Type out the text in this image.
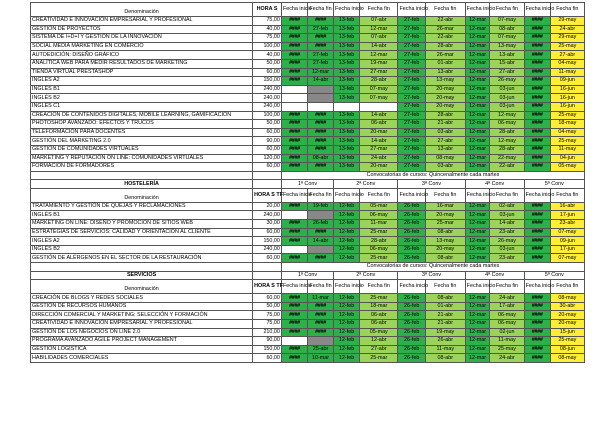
Denominación	HORA S	Fecha inicio	Fecha fin	Fecha inicio	Fecha fin	Fecha inicio	Fecha fin	Fecha inicio	Fecha fin	Fecha inicio	Fecha fin
CREATIVIDAD E INNOVACIÓN EMPRESARIAL Y PROFESIONAL	75,00	####	####	13-feb	07-abr	27-feb	22-abr	12-mar	07-may	####	29-may
GESTIÓN DE PROYECTOS	40,00	####	27-feb	13-feb	12-mar	27-feb	26-mar	12-mar	08-abr	####	24-abr
SISTEMA DE I+D+I Y GESTIÓN DE LA INNOVACIÓN	75,00	####	####	13-feb	07-abr	27-feb	22-abr	12-mar	07-may	####	29-may
SOCIAL MEDIA MARKETING EN COMERCIO	100,00	####	####	13-feb	14-abr	27-feb	28-abr	12-mar	13-may	####	25-may
AUTOEDICIÓN: DISEÑO GRÁFICO	40,00	####	27-feb	13-feb	12-mar	27-feb	26-mar	12-mar	13-abr	####	27-abr
ANALÍTICA WEB PARA MEDIR RESULTADOS DE MARKETING	50,00	####	27-feb	13-feb	19-mar	27-feb	01-abr	12-mar	15-abr	####	04-may
TIENDA VIRTUAL PRESTASHOP	60,00	####	12-mar	13-feb	27-mar	27-feb	13-abr	12-mar	27-abr	####	11-may
INGLÉS A2	150,00	####	14-abr	13-feb	28-abr	27-feb	13-may	12-mar	26-may	####	09-jun
INGLÉS B1	240,00			13-feb	07-may	27-feb	20-may	12-mar	03-jun	####	16-jun
INGLÉS B2	240,00			13-feb	07-may	27-feb	20-may	12-mar	03-jun	####	16-jun
INGLÉS C1	240,00					27-feb	20-may	12-mar	03-jun	####	16-jun
CREACIÓN DE CONTENIDOS DIGITALES, MOBILE LEARNING, GAMIFICACIÓN	100,00	####	####	13-feb	14-abr	27-feb	28-abr	12-mar	12-may	####	25-may
PHOTOSHOP AVANZADO: EFECTOS Y TRUCOS	50,00	####	####	13-feb	06-abr	27-feb	21-abr	12-mar	06-may	####	18-may
TELEFORMACIÓN PARA DOCENTES	60,00	####	####	13-feb	20-mar	27-feb	03-abr	12-mar	28-abr	####	04-may
GESTIÓN DEL MARKETING 2.0	90,00	####	####	13-feb	14-abr	27-feb	27-abr	12-mar	12-may	####	25-may
GESTIÓN DE COMUNIDADES VIRTUALES	60,00	####	####	13-feb	27-mar	27-feb	13-abr	12-mar	28-abr	####	11-may
MARKETING Y REPUTACIÓN ON LINE: COMUNIDADES VIRTUALES	120,00	####	08-abr	13-feb	24-abr	27-feb	08-may	12-mar	22-may	####	04-jun
FORMACIÓN DE FORMADORES	60,00	####	####	13-feb	20-mar	27-feb	03-abr	12-mar	22-abr	####	05-may
		Convocatorias de cursos: Quincenalmente cada martes									
HOSTELERÍA		1ª Conv		2ª Conv		3ª Conv		4ª Conv		5ª Conv	
Denominación	HORA S TF	Fecha inicio	Fecha fin	Fecha inicio	Fecha fin	Fecha inicio	Fecha fin	Fecha inicio	Fecha fin	Fecha inicio	Fecha fin
TRATAMIENTO Y GESTIÓN DE QUEJAS Y RECLAMACIONES	20,00	####	19-feb	12-feb	05-mar	26-feb	16-mar	12-mar	02-abr	####	16-abr
INGLÉS B1	240,00			12-feb	06-may	26-feb	20-may	12-mar	03-jun	####	17-jun
MARKETING ON LINE: DISEÑO Y PROMOCIÓN DE SITIOS WEB	30,00	####	26-feb	12-feb	11-mar	26-feb	25-mar	12-mar	14-abr	####	23-abr
ESTRATEGIAS DE SERVICIOS: CALIDAD Y ORIENTACIÓN AL CLIENTE	60,00	####	####	12-feb	25-mar	26-feb	08-abr	12-mar	23-abr	####	07-may
INGLÉS A2	150,00	####	14-abr	12-feb	28-abr	26-feb	13-may	12-mar	26-may	####	09-jun
INGLÉS B2	240,00			12-feb	06-may	26-feb	20-may	12-mar	03-jun	####	17-jun
GESTIÓN DE ALÉRGENOS EN EL SECTOR DE LA RESTAURACIÓN	60,00	####	####	12-feb	25-mar	26-feb	08-abr	12-mar	23-abr	####	07-may
		Convocatorias de cursos: Quincenalmente cada martes									
SERVICIOS		1ª Conv		2ª Conv		3ª Conv		4ª Conv		5ª Conv	
Denominación	HORA S TF	Fecha inicio	Fecha fin	Fecha inicio	Fecha fin	Fecha inicio	Fecha fin	Fecha inicio	Fecha fin	Fecha inicio	Fecha fin
CREACIÓN DE BLOGS Y REDES SOCIALES	60,00	####	11-mar	12-feb	25-mar	26-feb	08-abr	12-mar	24-abr	####	08-may
GESTIÓN DE RECURSOS HUMANOS	50,00	####	####	12-feb	18-mar	26-feb	01-abr	12-mar	17-abr	####	30-abr
DIRECCIÓN COMERCIAL Y MARKETING: SELECCIÓN Y FORMACIÓN	75,00	####	####	12-feb	06-abr	26-feb	21-abr	12-mar	06-may	####	20-may
CREATIVIDAD E INNOVACIÓN EMPRESARIAL Y PROFESIONAL	75,00	####	####	12-feb	06-abr	26-feb	21-abr	12-mar	06-may	####	20-may
GESTIÓN DE LOS NEGOCIOS ON LINE 2.0	210,00	####	####	12-feb	05-may	26-feb	19-may	12-mar	02-jun	####	15-jun
PROGRAMA AVANZADO AGILE PROJECT MANAGEMENT	90,00			12-feb	12-abr	26-feb	26-abr	12-mar	11-may	####	25-may
GESTIÓN LOGÍSTICA	150,00	####	25-abr	12-feb	27-abr	26-feb	11-may	12-mar	25-may	####	08-jun
HABILIDADES COMERCIALES	60,00	####	10-mar	12-feb	25-mar	26-feb	08-abr	12-mar	24-abr	####	08-may
